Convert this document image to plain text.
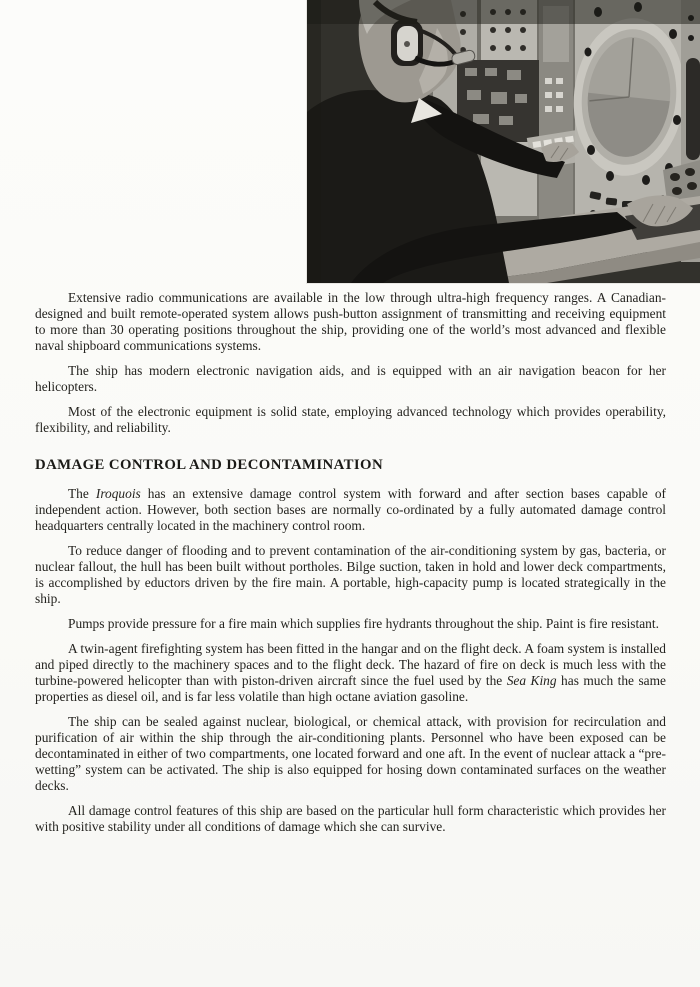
Extensive radio communications are available in the low through ultra-high frequency ranges. A Canadian-designed and built remote-operated system allows push-button assignment of transmitting and receiving equipment to more than 30 operating positions throughout the ship, providing one of the world’s most advanced and flexible naval shipboard communications systems.

The ship has modern electronic navigation aids, and is equipped with an air navigation beacon for her helicopters.

Most of the electronic equipment is solid state, employing advanced technology which provides operability, flexibility, and reliability.

DAMAGE CONTROL AND DECONTAMINATION

The Iroquois has an extensive damage control system with forward and after section bases capable of independent action. However, both section bases are normally co-ordinated by a fully automated damage control headquarters centrally located in the machinery control room.

To reduce danger of flooding and to prevent contamination of the air-conditioning system by gas, bacteria, or nuclear fallout, the hull has been built without portholes. Bilge suction, taken in hold and lower deck compartments, is accomplished by eductors driven by the fire main. A portable, high-capacity pump is located strategically in the ship.

Pumps provide pressure for a fire main which supplies fire hydrants throughout the ship. Paint is fire resistant.

A twin-agent firefighting system has been fitted in the hangar and on the flight deck. A foam system is installed and piped directly to the machinery spaces and to the flight deck. The hazard of fire on deck is much less with the turbine-powered helicopter than with piston-driven aircraft since the fuel used by the Sea King has much the same properties as diesel oil, and is far less volatile than high octane aviation gasoline.

The ship can be sealed against nuclear, biological, or chemical attack, with provision for recirculation and purification of air within the ship through the air-conditioning plants. Personnel who have been exposed can be decontaminated in either of two compartments, one located forward and one aft. In the event of nuclear attack a “pre-wetting” system can be activated. The ship is also equipped for hosing down contaminated surfaces on the weather decks.

All damage control features of this ship are based on the particular hull form characteristic which provides her with positive stability under all conditions of damage which she can survive.
